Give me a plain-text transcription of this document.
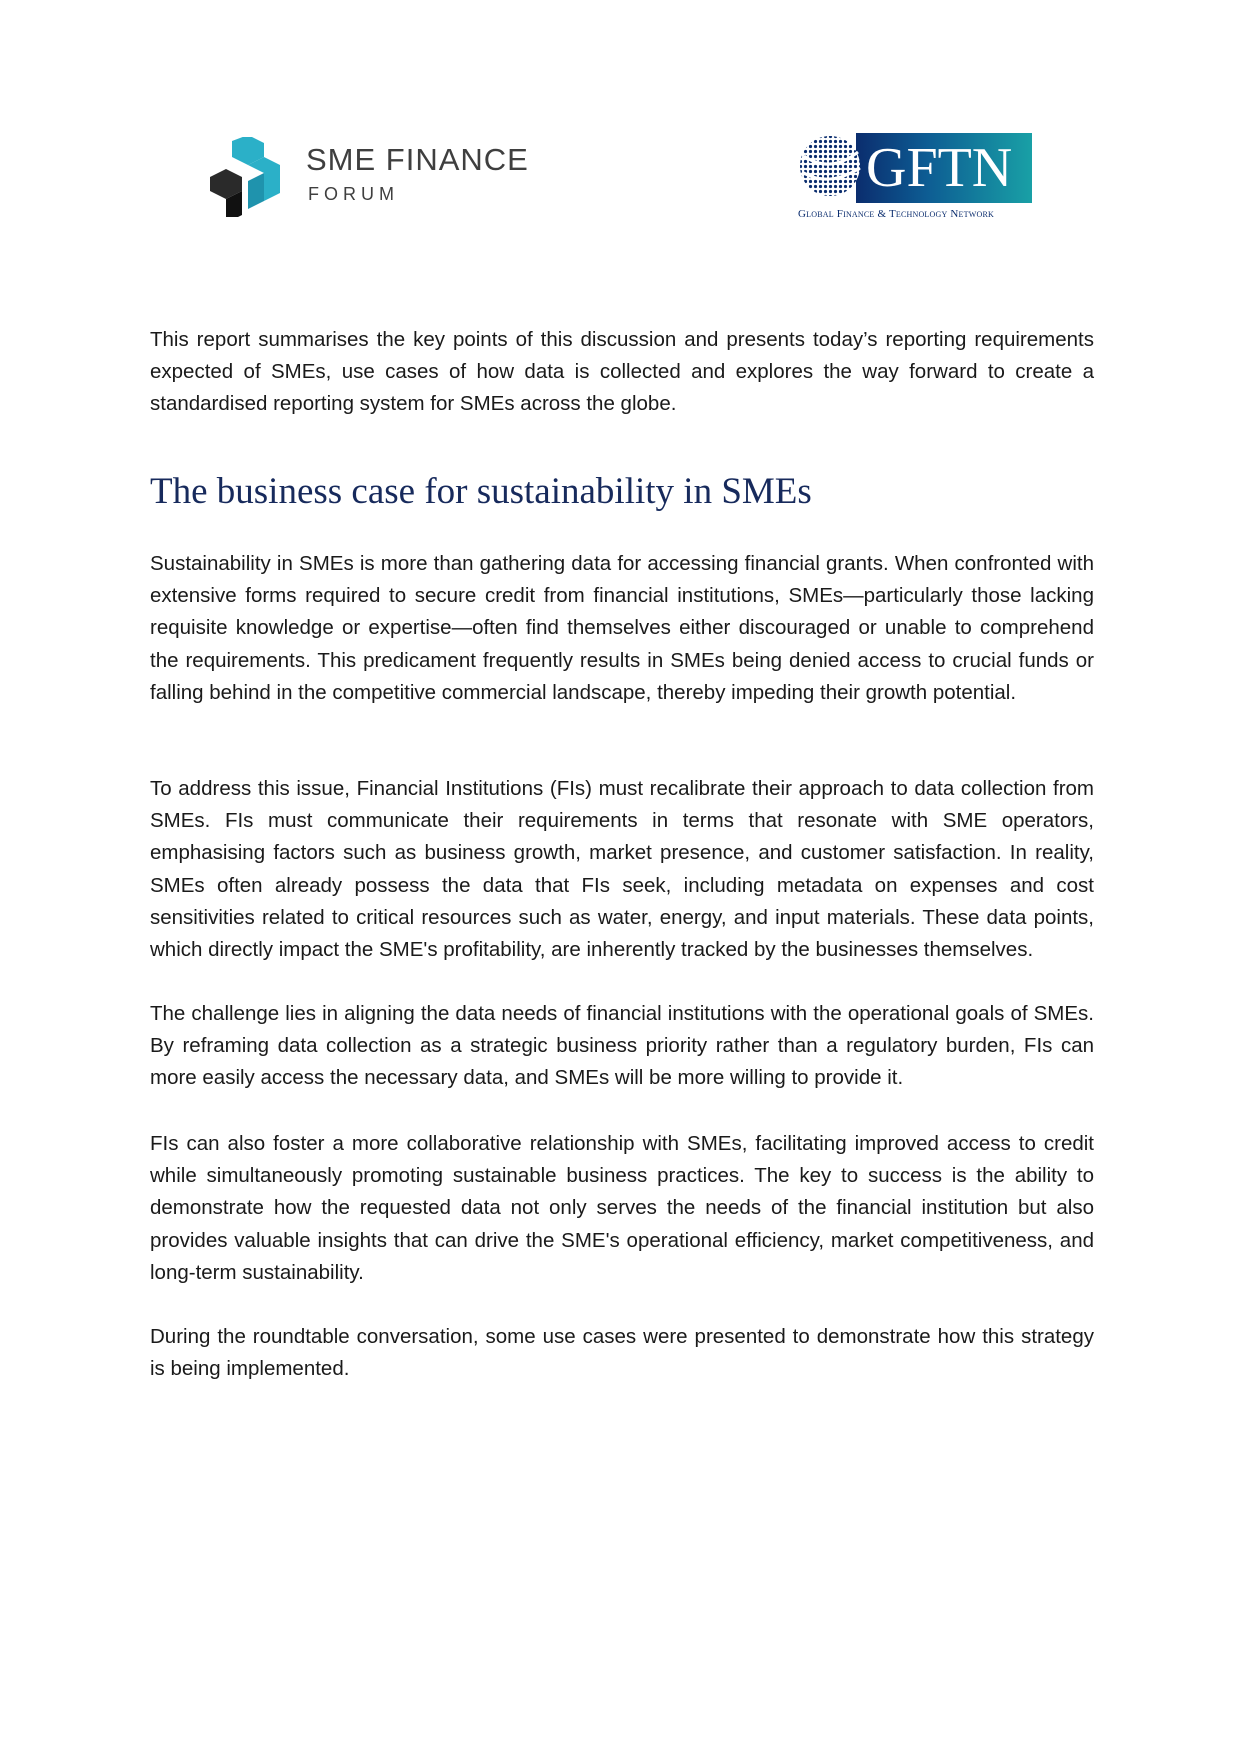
SME FINANCE
FORUM	GFTN
Global Finance & Technology Network

This report summarises the key points of this discussion and presents today’s reporting requirements expected of SMEs, use cases of how data is collected and explores the way forward to create a standardised reporting system for SMEs across the globe.

The business case for sustainability in SMEs

Sustainability in SMEs is more than gathering data for accessing financial grants. When confronted with extensive forms required to secure credit from financial institutions, SMEs—particularly those lacking requisite knowledge or expertise—often find themselves either discouraged or unable to comprehend the requirements. This predicament frequently results in SMEs being denied access to crucial funds or falling behind in the competitive commercial landscape, thereby impeding their growth potential.

To address this issue, Financial Institutions (FIs) must recalibrate their approach to data collection from SMEs. FIs must communicate their requirements in terms that resonate with SME operators, emphasising factors such as business growth, market presence, and customer satisfaction. In reality, SMEs often already possess the data that FIs seek, including metadata on expenses and cost sensitivities related to critical resources such as water, energy, and input materials. These data points, which directly impact the SME's profitability, are inherently tracked by the businesses themselves.

The challenge lies in aligning the data needs of financial institutions with the operational goals of SMEs. By reframing data collection as a strategic business priority rather than a regulatory burden, FIs can more easily access the necessary data, and SMEs will be more willing to provide it.

FIs can also foster a more collaborative relationship with SMEs, facilitating improved access to credit while simultaneously promoting sustainable business practices. The key to success is the ability to demonstrate how the requested data not only serves the needs of the financial institution but also provides valuable insights that can drive the SME's operational efficiency, market competitiveness, and long-term sustainability.

During the roundtable conversation, some use cases were presented to demonstrate how this strategy is being implemented.
